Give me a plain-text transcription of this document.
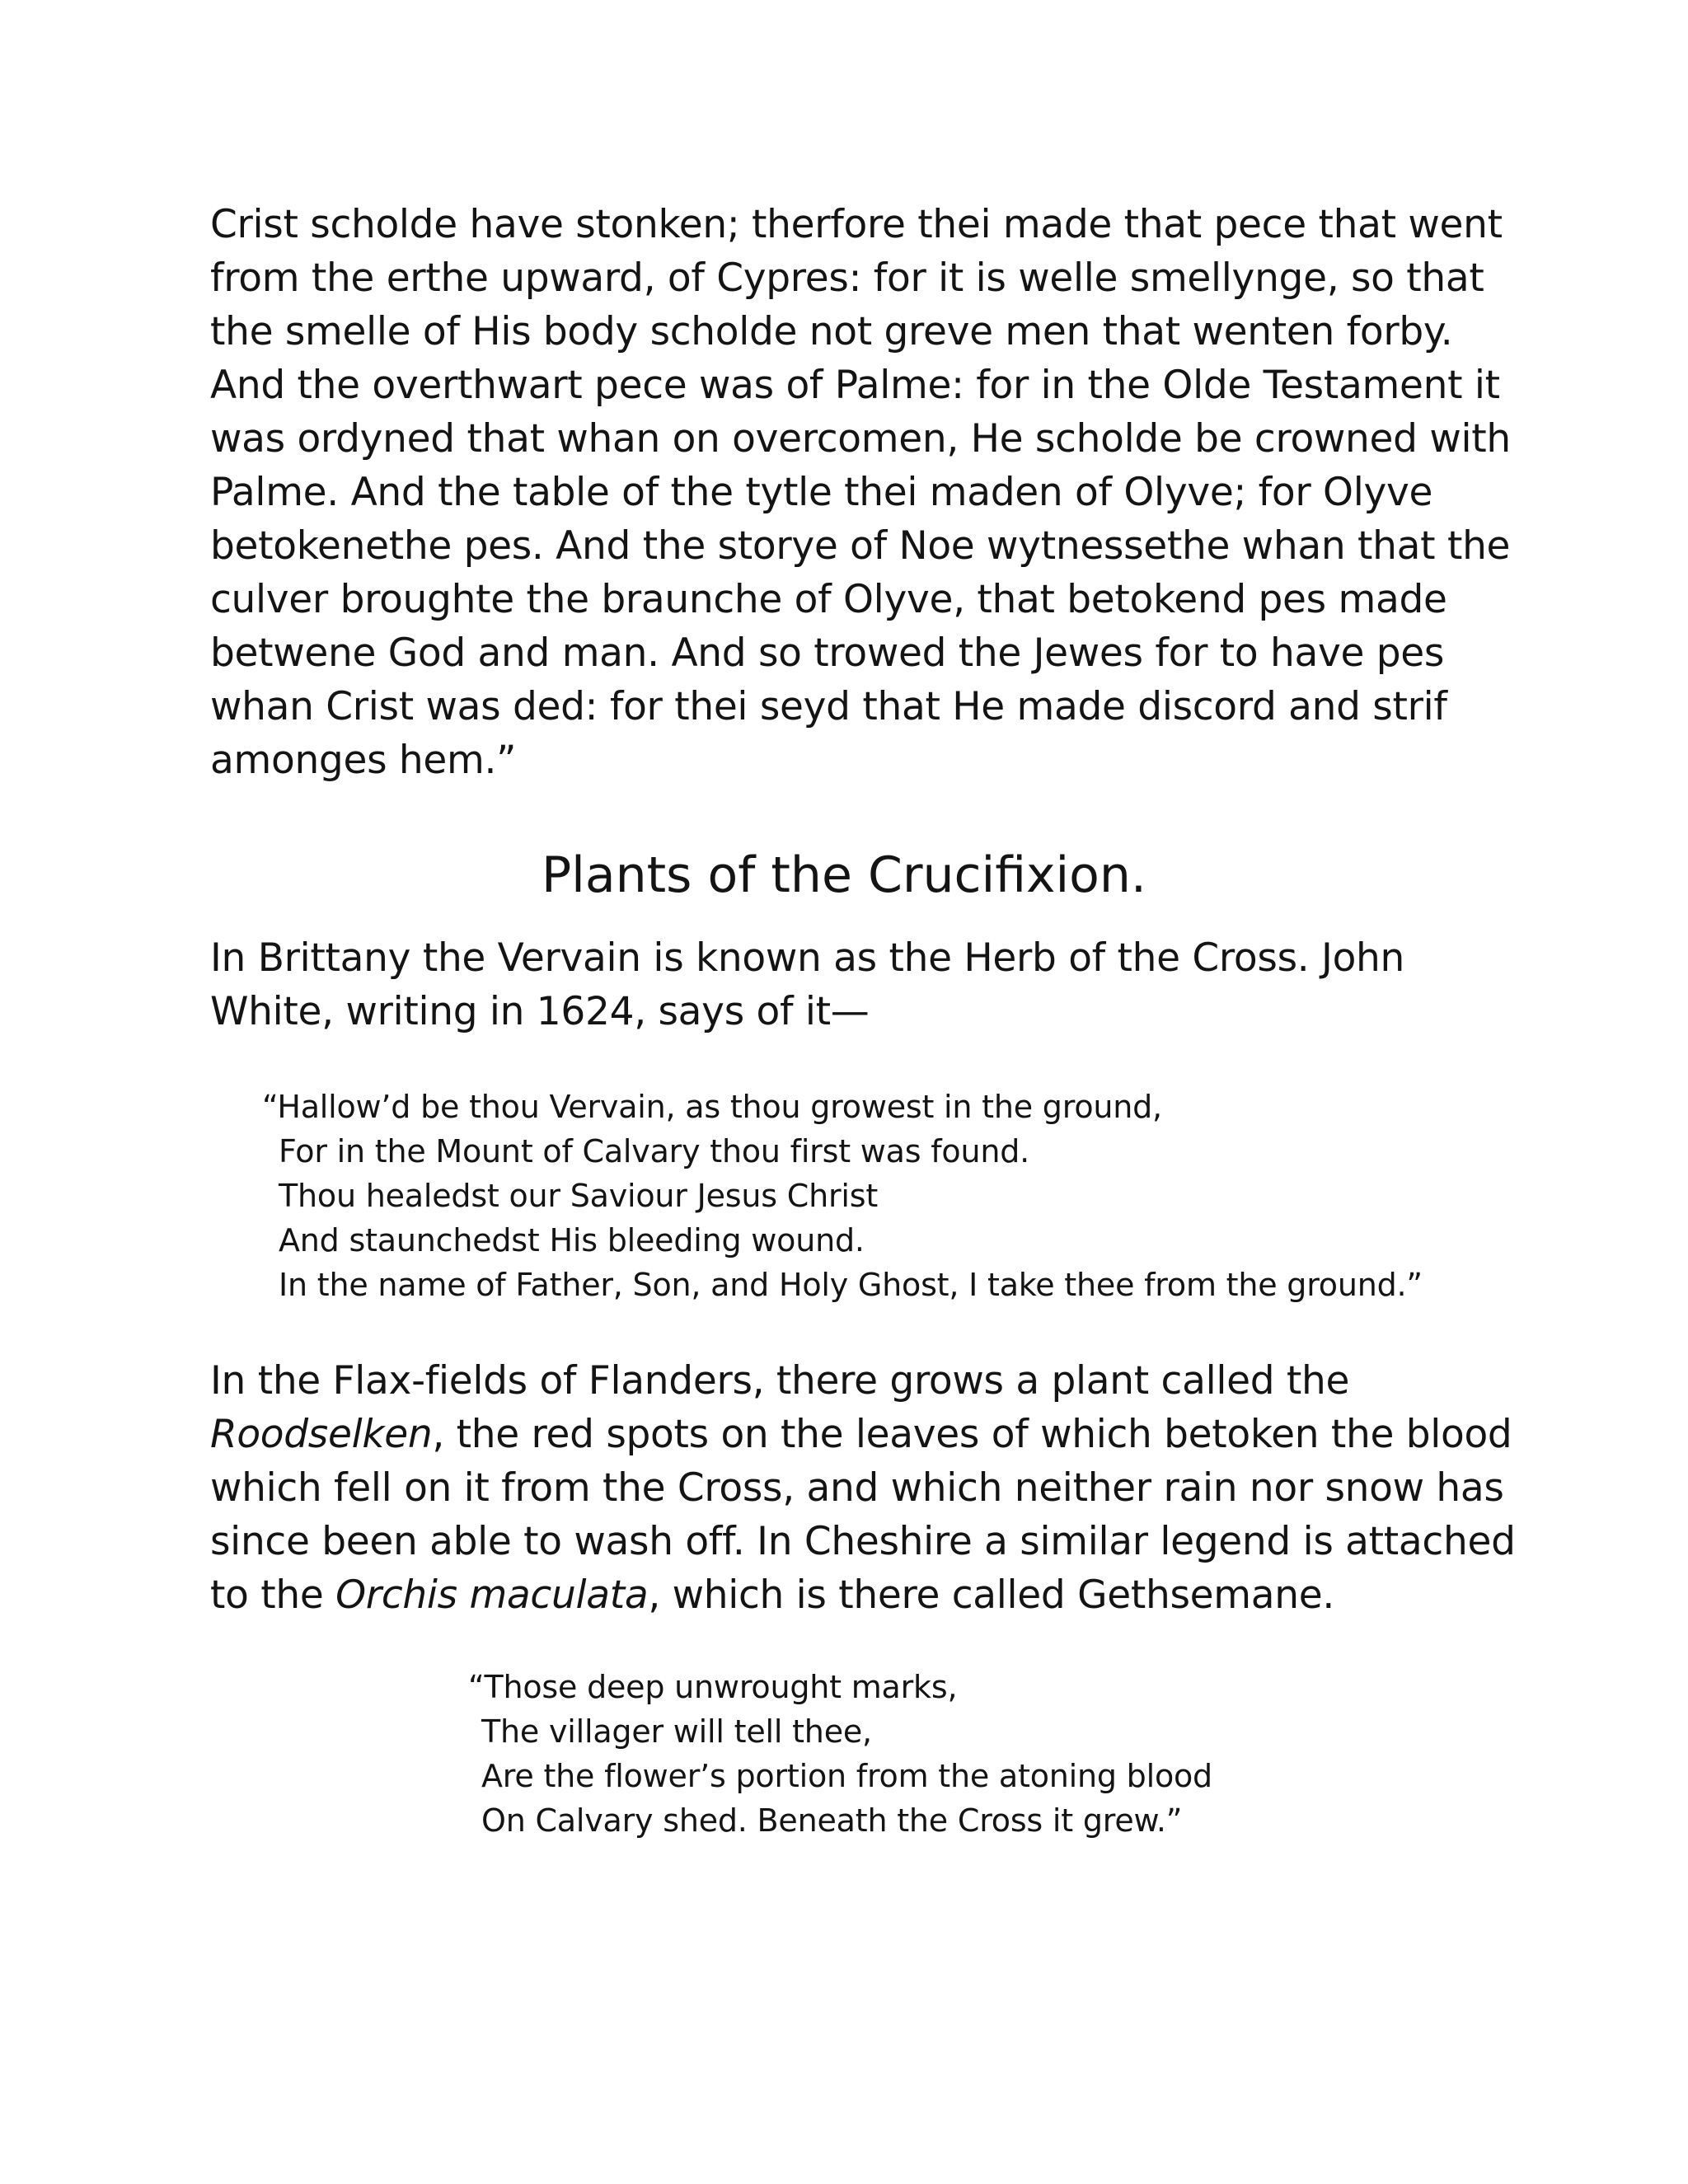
Crist scholde have stonken; therfore thei made that pece that went
from the erthe upward, of Cypres: for it is welle smellynge, so that
the smelle of His body scholde not greve men that wenten forby.
And the overthwart pece was of Palme: for in the Olde Testament it
was ordyned that whan on overcomen, He scholde be crowned with
Palme. And the table of the tytle thei maden of Olyve; for Olyve
betokenethe pes. And the storye of Noe wytnessethe whan that the
culver broughte the braunche of Olyve, that betokend pes made
betwene God and man. And so trowed the Jewes for to have pes
whan Crist was ded: for thei seyd that He made discord and strif
amonges hem.”

Plants of the Crucifixion.

In Brittany the Vervain is known as the Herb of the Cross. John
White, writing in 1624, says of it—

“Hallow’d be thou Vervain, as thou growest in the ground,
For in the Mount of Calvary thou first was found.
Thou healedst our Saviour Jesus Christ
And staunchedst His bleeding wound.
In the name of Father, Son, and Holy Ghost, I take thee from the ground.”

In the Flax-fields of Flanders, there grows a plant called the
Roodselken, the red spots on the leaves of which betoken the blood
which fell on it from the Cross, and which neither rain nor snow has
since been able to wash off. In Cheshire a similar legend is attached
to the Orchis maculata, which is there called Gethsemane.

“Those deep unwrought marks,
The villager will tell thee,
Are the flower’s portion from the atoning blood
On Calvary shed. Beneath the Cross it grew.”
